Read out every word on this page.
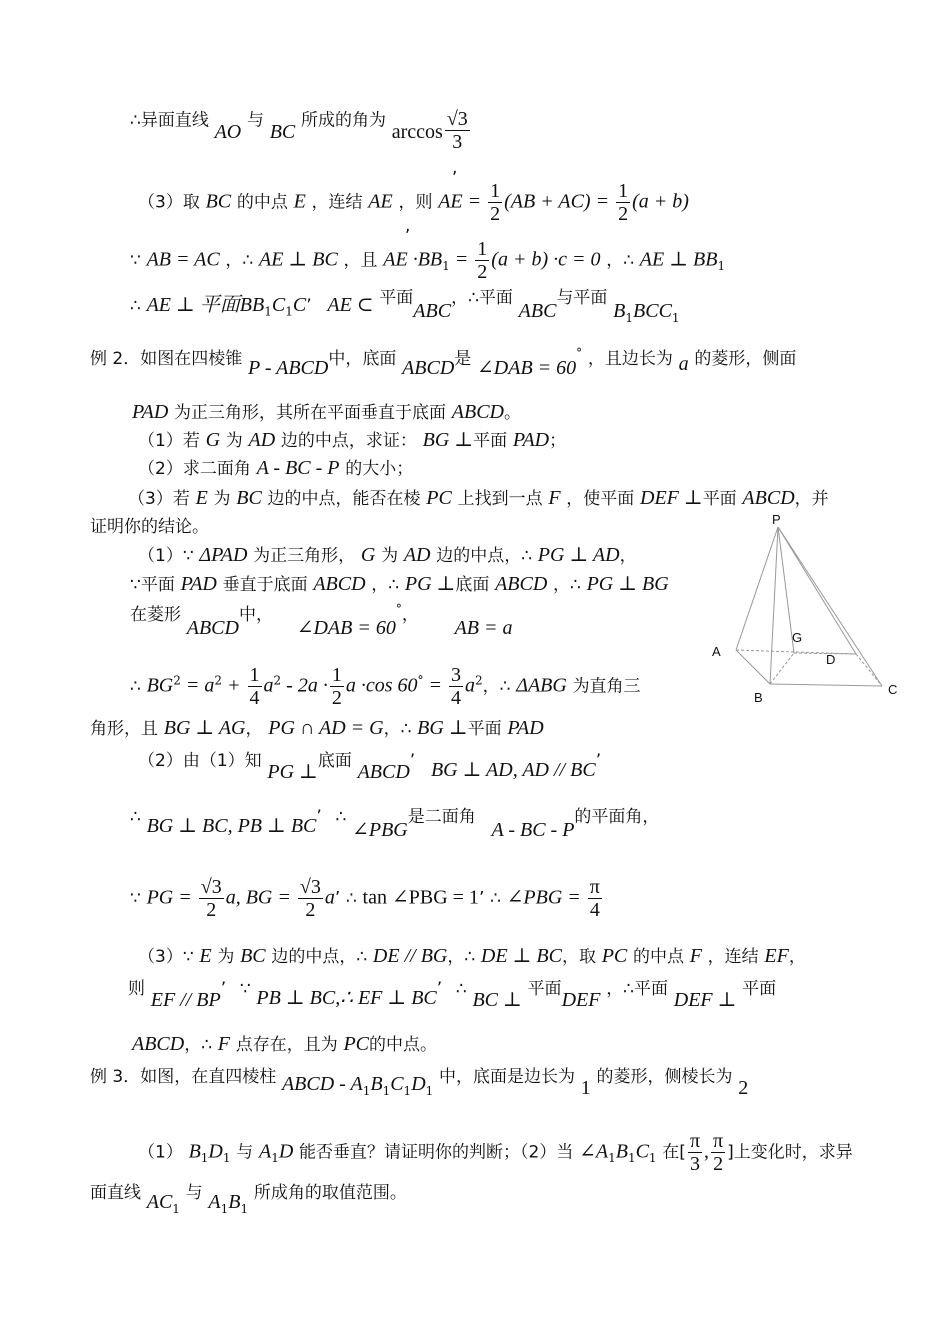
∴异面直线 AO 与 BC 所成的角为 $\arccos \frac{√3}{3}$
,
（3）取 BC 的中点 E ，连结 AE ，则 AE = $\frac{1}{2} (AB + AC) = \frac{1}{2} (a + b)$
,
∵ AB = AC ，∴ AE ⊥ BC ，且 AE $\cdot BB_1 = \frac{1}{2} (a + b) \cdot c = 0$ ，∴ AE ⊥ $BB_1$
∴ AE ⊥ 平面$BB_1C_1C$’ AE ⊂ 平面ABC，∴平面 ABC与平面 $B_1BCC_1$
例 2．如图在四棱锥 P - ABCD中，底面 ABCD是 ∠DAB = 60° ，且边长为 a 的菱形，侧面
PAD 为正三角形，其所在平面垂直于底面 ABCD。
（1）若 G 为 AD 边的中点，求证： BG ⊥平面 PAD；
（2）求二面角 A - BC - P 的大小；
（3）若 E 为 BC 边的中点，能否在棱 PC 上找到一点 F ，使平面 DEF ⊥平面 ABCD，并
证明你的结论。
（1）∵ ΔPAD 为正三角形， G 为 AD 边的中点，∴ PG ⊥ AD，
∵平面 PAD 垂直于底面 ABCD ，∴ PG ⊥底面 ABCD ，∴ PG ⊥ BG
在菱形 ABCD中， ∠DAB = 60°， AB = a
∴ $BG^2 = a^2 + \frac{1}{4} a^2 - 2a \cdot \frac{1}{2}$ a ·cos $60^\circ = \frac{3}{4} a^2$，∴ ΔABG 为直角三
角形，且 BG ⊥ AG， PG ∩ AD = G，∴ BG ⊥平面 PAD
（2）由（1）知 PG ⊥底面 ABCD’ BG ⊥ AD, AD // BC’
∴ BG ⊥ BC, PB ⊥ BC’ ∴ ∠PBG是二面角 A - BC - P的平面角，
∵ PG = $\frac{√3}{2} a$, BG = $\frac{√3}{2} a$’ ∴ tan ∠PBG = 1’ ∴ ∠PBG = $\frac{\pi}{4}$
（3）∵ E 为 BC 边的中点，∴ DE // BG，∴ DE ⊥ BC，取 PC 的中点 F ，连结 EF，
则 EF // BP’ ∵ PB ⊥ BC,∴ EF ⊥ BC’ ∴ BC ⊥ 平面DEF ，∴平面 DEF ⊥ 平面
ABCD，∴ F 点存在，且为 PC的中点。
例 3．如图，在直四棱柱 ABCD - $A_1B_1C_1D_1$ 中，底面是边长为 1 的菱形，侧棱长为 2
（1） $B_1D_1$ 与 $A_1D$ 能否垂直？请证明你的判断；（2）当 $\angle A_1B_1C_1$ 在[ $\frac{\pi}{3}$ , $\frac{\pi}{2}$ ]上变化时，求异
面直线 $AC_1$ 与 $A_1B_1$ 所成角的取值范围。
P
A
B
C
D
G
